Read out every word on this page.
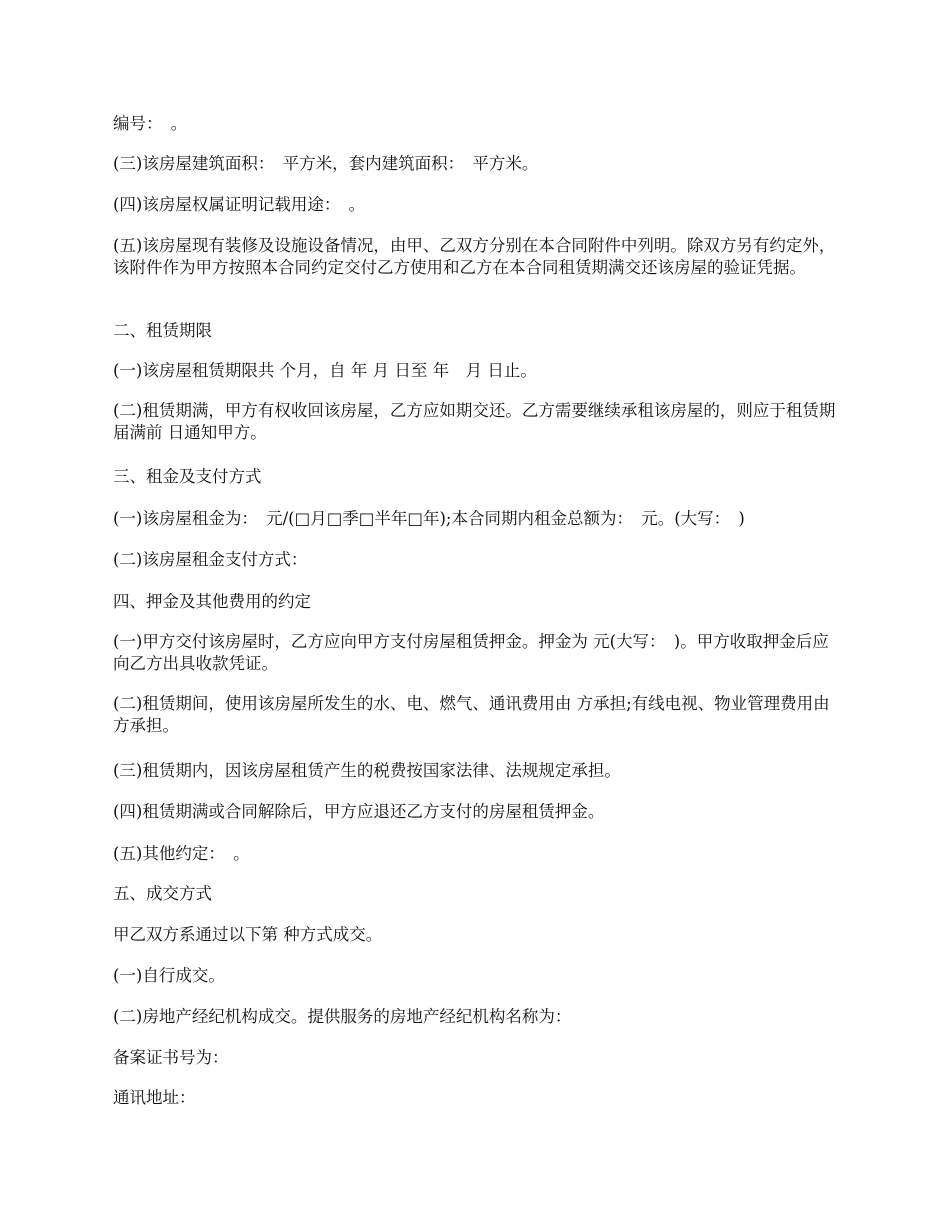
编号：　。

(三)该房屋建筑面积：　平方米，套内建筑面积：　平方米。

(四)该房屋权属证明记载用途：　。

(五)该房屋现有装修及设施设备情况，由甲、乙双方分别在本合同附件中列明。除双方另有约定外，该附件作为甲方按照本合同约定交付乙方使用和乙方在本合同租赁期满交还该房屋的验证凭据。

二、租赁期限

(一)该房屋租赁期限共 个月，自 年 月 日至 年　月 日止。

(二)租赁期满，甲方有权收回该房屋，乙方应如期交还。乙方需要继续承租该房屋的，则应于租赁期届满前 日通知甲方。

三、租金及支付方式

(一)该房屋租金为：　元/(□月□季□半年□年);本合同期内租金总额为：　元。(大写：　)

(二)该房屋租金支付方式：

四、押金及其他费用的约定

(一)甲方交付该房屋时，乙方应向甲方支付房屋租赁押金。押金为 元(大写：　)。甲方收取押金后应向乙方出具收款凭证。

(二)租赁期间，使用该房屋所发生的水、电、燃气、通讯费用由 方承担;有线电视、物业管理费用由 方承担。

(三)租赁期内，因该房屋租赁产生的税费按国家法律、法规规定承担。

(四)租赁期满或合同解除后，甲方应退还乙方支付的房屋租赁押金。

(五)其他约定：　。

五、成交方式

甲乙双方系通过以下第 种方式成交。

(一)自行成交。

(二)房地产经纪机构成交。提供服务的房地产经纪机构名称为：

备案证书号为：

通讯地址：
